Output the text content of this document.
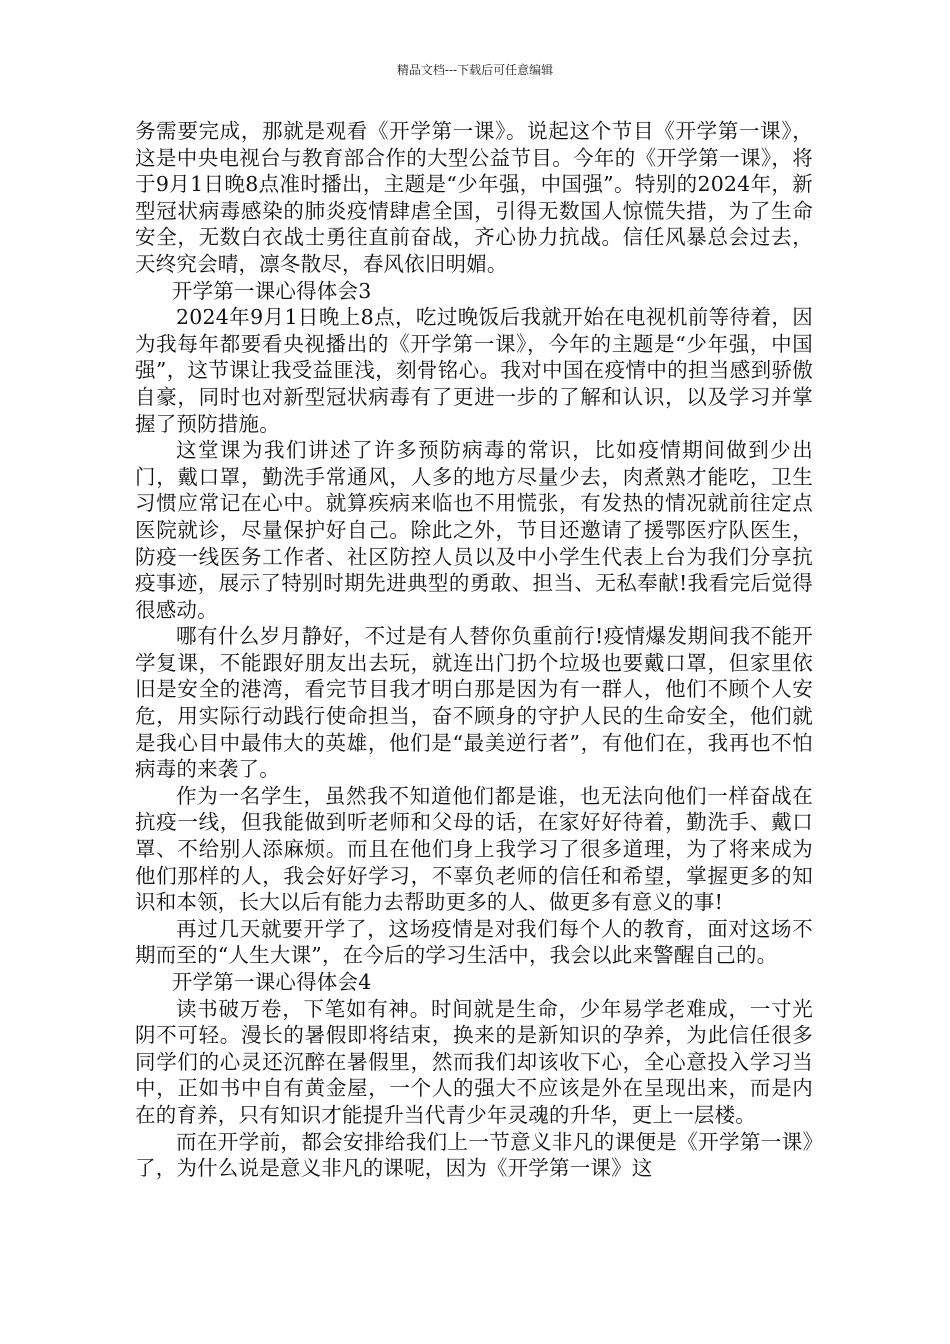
精品文档---下载后可任意编辑

务需要完成，那就是观看《开学第一课》。说起这个节目《开学第一课》，这是中央电视台与教育部合作的大型公益节目。今年的《开学第一课》，将于9月1日晚8点准时播出，主题是“少年强，中国强”。特别的2024年，新型冠状病毒感染的肺炎疫情肆虐全国，引得无数国人惊慌失措，为了生命安全，无数白衣战士勇往直前奋战，齐心协力抗战。信任风暴总会过去，天终究会晴，凛冬散尽，春风依旧明媚。

开学第一课心得体会3

2024年9月1日晚上8点，吃过晚饭后我就开始在电视机前等待着，因为我每年都要看央视播出的《开学第一课》，今年的主题是“少年强，中国强”，这节课让我受益匪浅，刻骨铭心。我对中国在疫情中的担当感到骄傲自豪，同时也对新型冠状病毒有了更进一步的了解和认识，以及学习并掌握了预防措施。

这堂课为我们讲述了许多预防病毒的常识，比如疫情期间做到少出门，戴口罩，勤洗手常通风，人多的地方尽量少去，肉煮熟才能吃，卫生习惯应常记在心中。就算疾病来临也不用慌张，有发热的情况就前往定点医院就诊，尽量保护好自己。除此之外，节目还邀请了援鄂医疗队医生，防疫一线医务工作者、社区防控人员以及中小学生代表上台为我们分享抗疫事迹，展示了特别时期先进典型的勇敢、担当、无私奉献!我看完后觉得很感动。

哪有什么岁月静好，不过是有人替你负重前行!疫情爆发期间我不能开学复课，不能跟好朋友出去玩，就连出门扔个垃圾也要戴口罩，但家里依旧是安全的港湾，看完节目我才明白那是因为有一群人，他们不顾个人安危，用实际行动践行使命担当，奋不顾身的守护人民的生命安全，他们就是我心目中最伟大的英雄，他们是“最美逆行者”，有他们在，我再也不怕病毒的来袭了。

作为一名学生，虽然我不知道他们都是谁，也无法向他们一样奋战在抗疫一线，但我能做到听老师和父母的话，在家好好待着，勤洗手、戴口罩、不给别人添麻烦。而且在他们身上我学习了很多道理，为了将来成为他们那样的人，我会好好学习，不辜负老师的信任和希望，掌握更多的知识和本领，长大以后有能力去帮助更多的人、做更多有意义的事!

再过几天就要开学了，这场疫情是对我们每个人的教育，面对这场不期而至的“人生大课”，在今后的学习生活中，我会以此来警醒自己的。

开学第一课心得体会4

读书破万卷，下笔如有神。时间就是生命，少年易学老难成，一寸光阴不可轻。漫长的暑假即将结束，换来的是新知识的孕养，为此信任很多同学们的心灵还沉醉在暑假里，然而我们却该收下心，全心意投入学习当中，正如书中自有黄金屋，一个人的强大不应该是外在呈现出来，而是内在的育养，只有知识才能提升当代青少年灵魂的升华，更上一层楼。

而在开学前，都会安排给我们上一节意义非凡的课便是《开学第一课》了，为什么说是意义非凡的课呢，因为《开学第一课》这
